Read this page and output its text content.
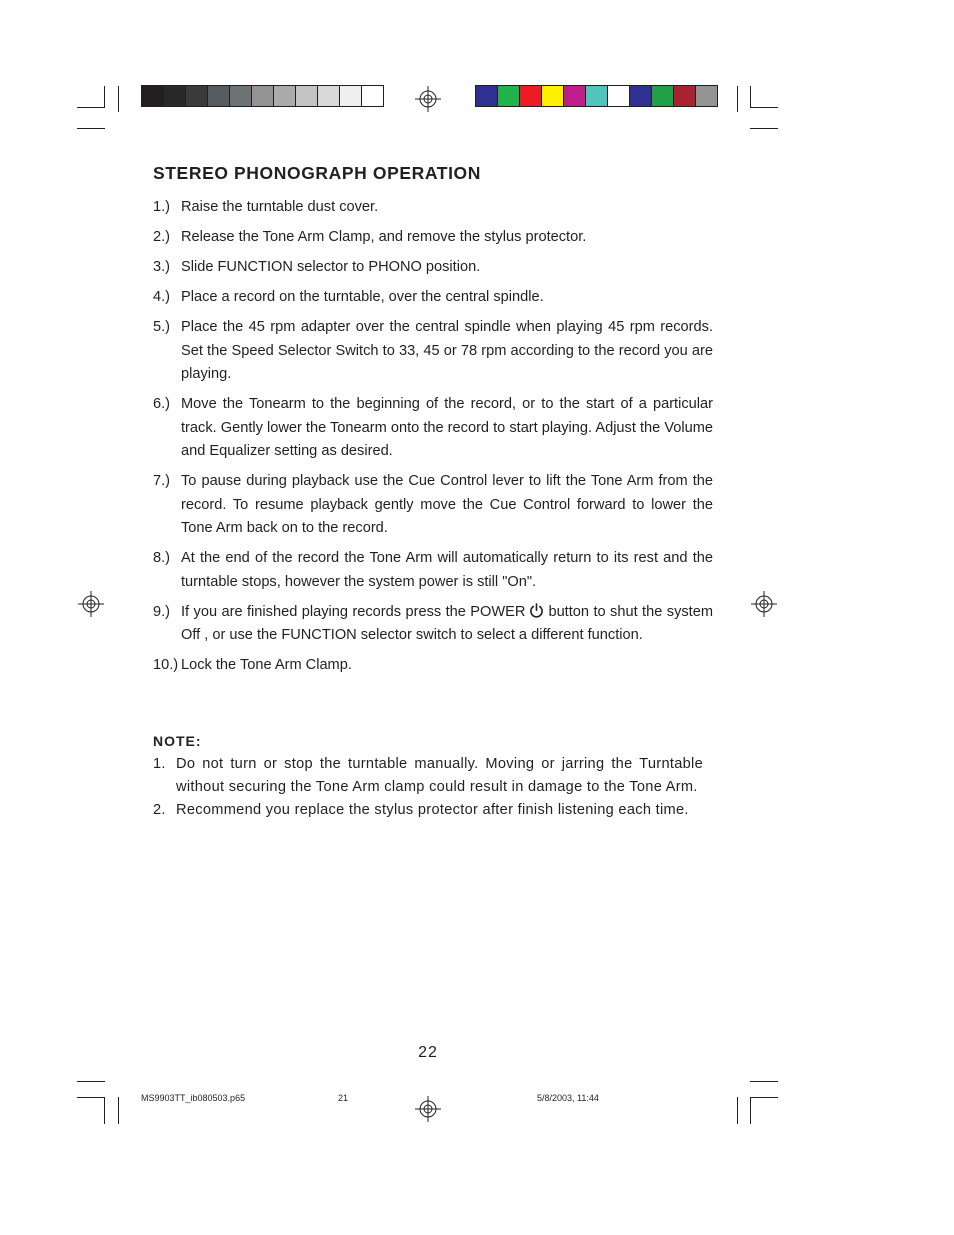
STEREO PHONOGRAPH OPERATION
1.) Raise the turntable dust cover.
2.) Release the Tone Arm Clamp, and remove the stylus protector.
3.) Slide FUNCTION selector to PHONO position.
4.) Place a record on the turntable, over the central spindle.
5.) Place the 45 rpm adapter over the central spindle when playing 45 rpm records. Set the Speed Selector Switch to 33, 45 or 78 rpm according to the record you are playing.
6.) Move the Tonearm to the beginning of the record, or to the start of a particular track. Gently lower the Tonearm onto the record to start playing. Adjust the Volume and Equalizer setting as desired.
7.) To pause during playback use the Cue Control lever to lift the Tone Arm from the record. To resume playback gently move the Cue Control forward to lower the Tone Arm back on to the record.
8.) At the end of the record the Tone Arm will automatically return to its rest and the turntable stops, however the system power is still "On".
9.) If you are finished playing records press the POWER button to shut the system Off , or use the FUNCTION selector switch to select a different function.
10.) Lock the Tone Arm Clamp.
NOTE:
1. Do not turn or stop the turntable manually. Moving or jarring the Turntable without securing the Tone Arm clamp could result in damage to the Tone Arm.
2. Recommend you replace the stylus protector after finish listening each time.
22
MS9903TT_ib080503.p65	21	5/8/2003, 11:44
